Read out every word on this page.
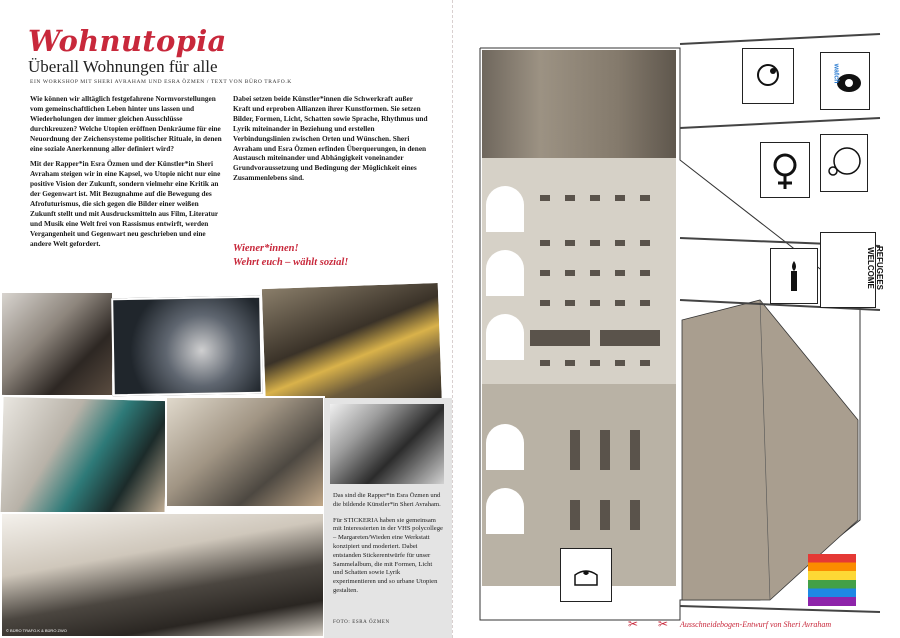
Wohnutopia
Überall Wohnungen für alle
EIN WORKSHOP MIT SHERI AVRAHAM UND ESRA ÖZMEN / TEXT VON BÜRO TRAFO.K

Wie können wir alltäglich festgefahrene Normvorstellungen vom gemeinschaftlichen Leben hinter uns lassen und Wiederholungen der immer gleichen Ausschlüsse durchkreuzen? Welche Utopien eröffnen Denkräume für eine Neuordnung der Zeichensysteme politischer Rituale, in denen eine soziale Anerkennung aller definiert wird?

Mit der Rapper*in Esra Özmen und der Künstler*in Sheri Avraham steigen wir in eine Kapsel, wo Utopie nicht nur eine positive Vision der Zukunft, sondern vielmehr eine Kritik an der Gegenwart ist. Mit Bezugnahme auf die Bewegung des Afrofuturismus, die sich gegen die Bilder einer weißen Zukunft stellt und mit Ausdrucksmitteln aus Film, Literatur und Musik eine Welt frei von Rassismus entwirft, werden Vergangenheit und Gegenwart neu geschrieben und eine andere Welt gefordert.

Dabei setzen beide Künstler*innen die Schwerkraft außer Kraft und erproben Allianzen ihrer Kunstformen. Sie setzen Bilder, Formen, Licht, Schatten sowie Sprache, Rhythmus und Lyrik miteinander in Beziehung und erstellen Verbindungslinien zwischen Orten und Wünschen. Sheri Avraham und Esra Özmen erfinden Überquerungen, in denen Austausch miteinander und Abhängigkeit voneinander Grundvoraussetzung und Bedingung der Möglichkeit eines Zusammenlebens sind.

Wiener*innen!
Wehrt euch – wählt sozial!

Das sind die Rapper*in Esra Özmen und die bildende Künstler*in Sheri Avraham.

Für STICKERIA haben sie gemeinsam mit Interessierten in der VHS polycollege – Margareten/Wieden eine Werkstatt konzipiert und moderiert. Dabei entstanden Stickerentwürfe für unser Sammelalbum, die mit Formen, Licht und Schatten sowie Lyrik experimentieren und so urbane Utopien gestalten.

FOTO: ESRA ÖZMEN
© BÜRO TRAFO.K & BÜRO ZWO
watch
REFUGEES WELCOME
✂ ✂ Ausschneidebogen-Entwurf von Sheri Avraham
